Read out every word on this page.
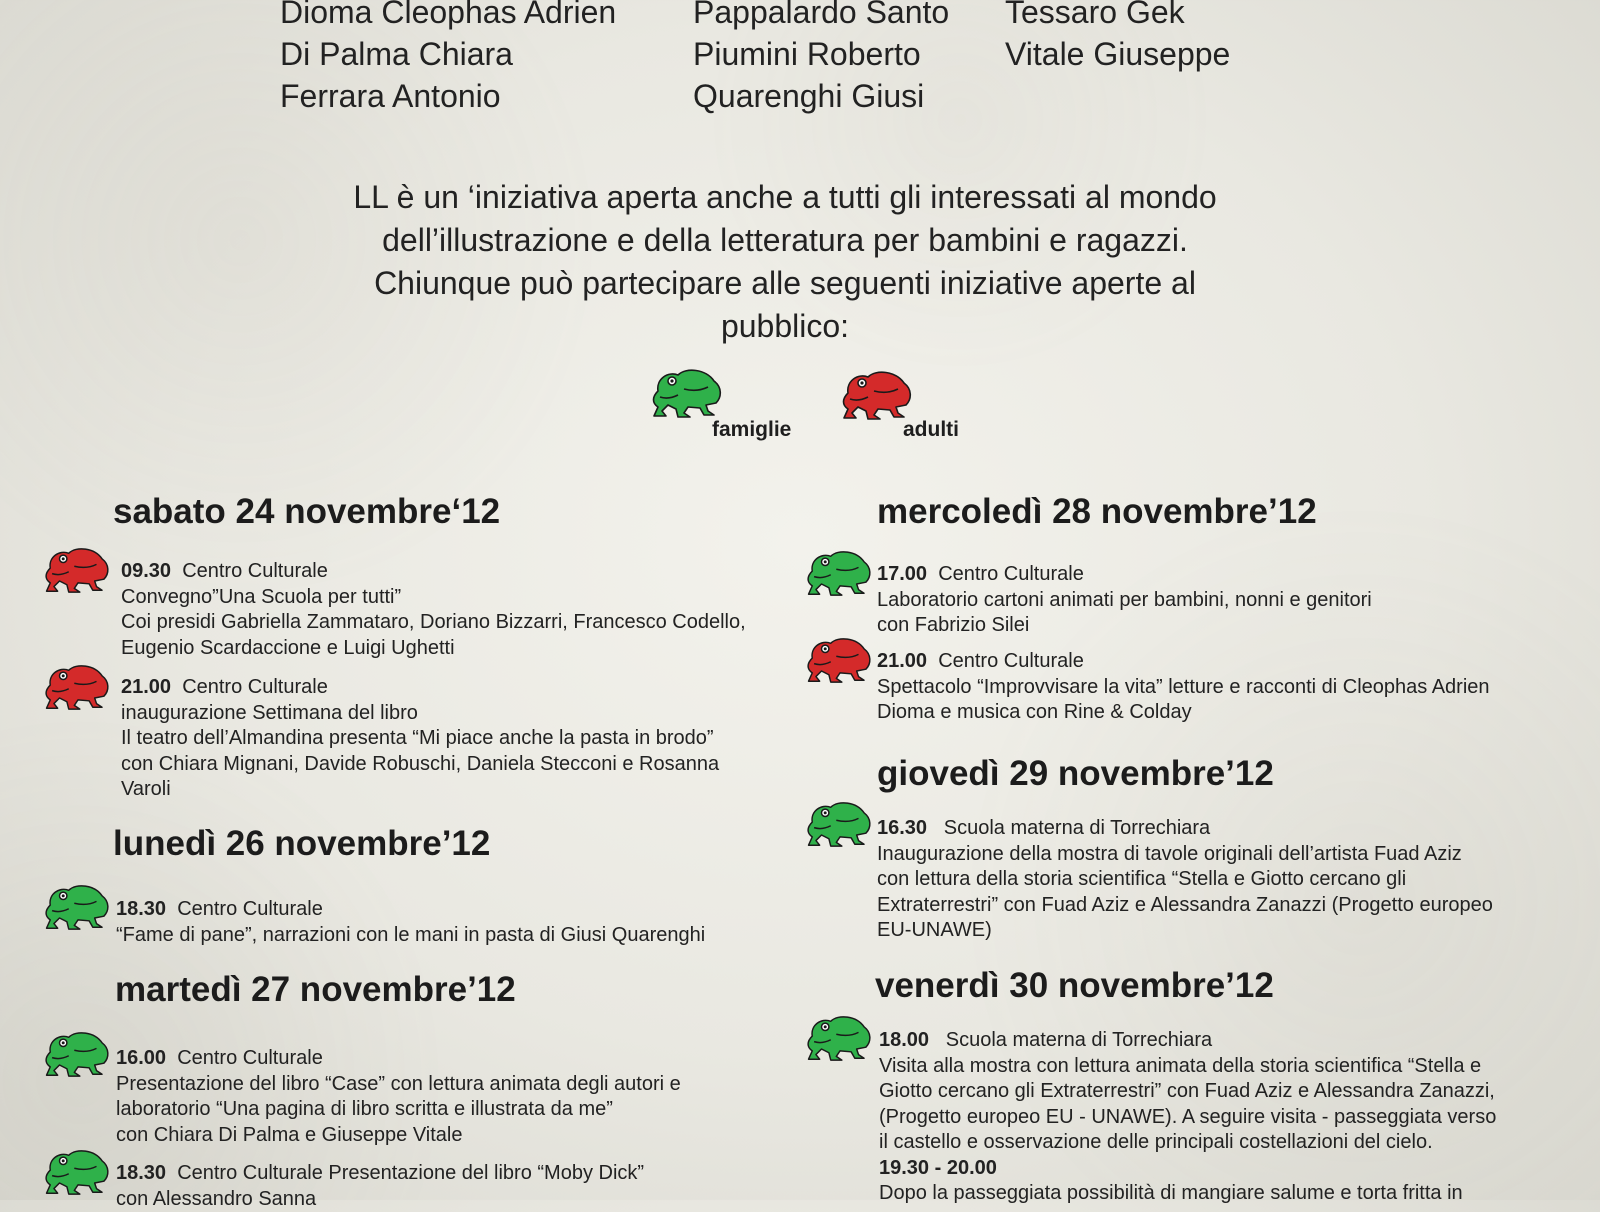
Dioma Cleophas Adrien
Di Palma Chiara
Ferrara Antonio
Pappalardo Santo
Piumini Roberto
Quarenghi Giusi
Tessaro Gek
Vitale Giuseppe
LL è un ‘iniziativa aperta anche a tutti gli interessati al mondo
dell’illustrazione e della letteratura per bambini e ragazzi.
Chiunque può partecipare alle seguenti iniziative aperte al
pubblico:
famiglie	adulti
sabato 24 novembre‘12
09.30 Centro Culturale
Convegno”Una Scuola per tutti”
Coi presidi Gabriella Zammataro, Doriano Bizzarri, Francesco Codello,
Eugenio Scardaccione e Luigi Ughetti
21.00 Centro Culturale
inaugurazione Settimana del libro
Il teatro dell’Almandina presenta “Mi piace anche la pasta in brodo”
con Chiara Mignani, Davide Robuschi, Daniela Stecconi e Rosanna
Varoli
lunedì 26 novembre’12
18.30 Centro Culturale
“Fame di pane”, narrazioni con le mani in pasta di Giusi Quarenghi
martedì 27 novembre’12
16.00 Centro Culturale
Presentazione del libro “Case” con lettura animata degli autori e
laboratorio “Una pagina di libro scritta e illustrata da me”
con Chiara Di Palma e Giuseppe Vitale
18.30 Centro Culturale Presentazione del libro “Moby Dick”
con Alessandro Sanna
mercoledì 28 novembre’12
17.00 Centro Culturale
Laboratorio cartoni animati per bambini, nonni e genitori
con Fabrizio Silei
21.00 Centro Culturale
Spettacolo “Improvvisare la vita” letture e racconti di Cleophas Adrien
Dioma e musica con Rine & Colday
giovedì 29 novembre’12
16.30 Scuola materna di Torrechiara
Inaugurazione della mostra di tavole originali dell’artista Fuad Aziz
con lettura della storia scientifica “Stella e Giotto cercano gli
Extraterrestri” con Fuad Aziz e Alessandra Zanazzi (Progetto europeo
EU-UNAWE)
venerdì 30 novembre’12
18.00 Scuola materna di Torrechiara
Visita alla mostra con lettura animata della storia scientifica “Stella e
Giotto cercano gli Extraterrestri” con Fuad Aziz e Alessandra Zanazzi,
(Progetto europeo EU - UNAWE). A seguire visita - passeggiata verso
il castello e osservazione delle principali costellazioni del cielo.
19.30 - 20.00
Dopo la passeggiata possibilità di mangiare salume e torta fritta in
